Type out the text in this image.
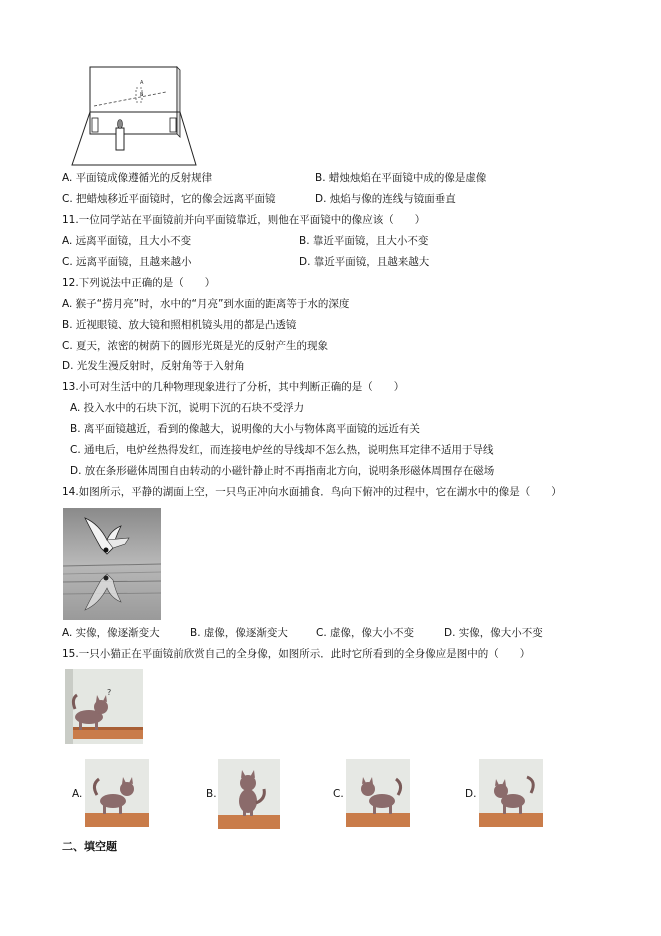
A
B
A. 平面镜成像遵循光的反射规律	B. 蜡烛烛焰在平面镜中成的像是虚像
C. 把蜡烛移近平面镜时，它的像会远离平面镜	D. 烛焰与像的连线与镜面垂直
11.一位同学站在平面镜前并向平面镜靠近，则他在平面镜中的像应该（　　）
A. 远离平面镜，且大小不变	B. 靠近平面镜，且大小不变
C. 远离平面镜，且越来越小	D. 靠近平面镜，且越来越大
12.下列说法中正确的是（　　）
A. 猴子“捞月亮”时，水中的“月亮”到水面的距离等于水的深度
B. 近视眼镜、放大镜和照相机镜头用的都是凸透镜
C. 夏天，浓密的树荫下的圆形光斑是光的反射产生的现象
D. 光发生漫反射时，反射角等于入射角
13.小可对生活中的几种物理现象进行了分析，其中判断正确的是（　　）
A. 投入水中的石块下沉，说明下沉的石块不受浮力
B. 离平面镜越近，看到的像越大，说明像的大小与物体离平面镜的远近有关
C. 通电后，电炉丝热得发红，而连接电炉丝的导线却不怎么热，说明焦耳定律不适用于导线
D. 放在条形磁体周围自由转动的小磁针静止时不再指南北方向，说明条形磁体周围存在磁场
14.如图所示，平静的湖面上空，一只鸟正冲向水面捕食．鸟向下俯冲的过程中，它在湖水中的像是（　　）
A. 实像，像逐渐变大	B. 虚像，像逐渐变大	C. 虚像，像大小不变	D. 实像，像大小不变
15.一只小猫正在平面镜前欣赏自己的全身像，如图所示．此时它所看到的全身像应是图中的（　　）
?
A.	B.	C.	D.
二、填空题
